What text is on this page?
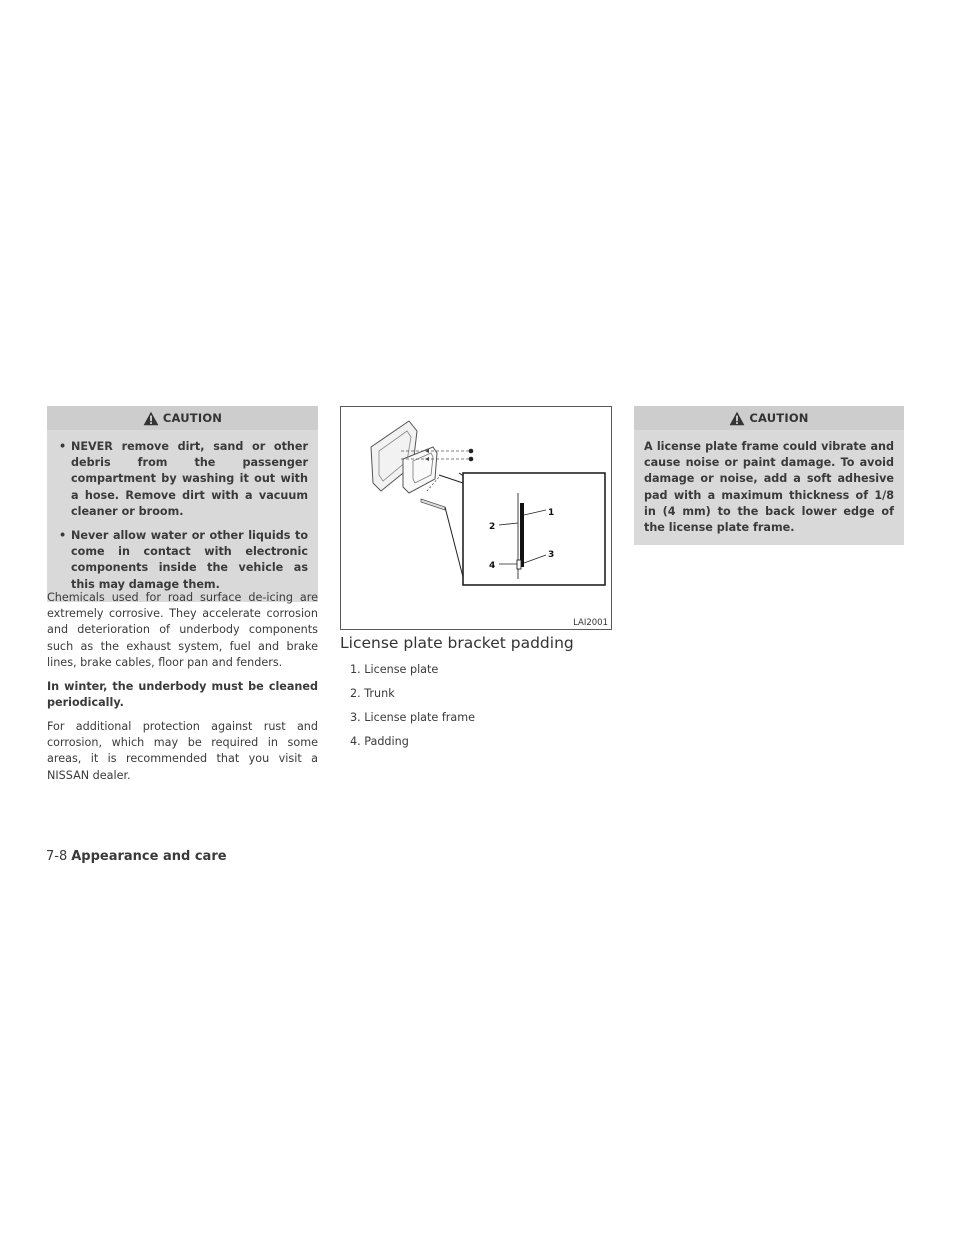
CAUTION
• NEVER remove dirt, sand or other debris from the passenger compartment by washing it out with a hose. Remove dirt with a vacuum cleaner or broom.
• Never allow water or other liquids to come in contact with electronic components inside the vehicle as this may damage them.

Chemicals used for road surface de-icing are extremely corrosive. They accelerate corrosion and deterioration of underbody components such as the exhaust system, fuel and brake lines, brake cables, floor pan and fenders.

In winter, the underbody must be cleaned periodically.

For additional protection against rust and corrosion, which may be required in some areas, it is recommended that you visit a NISSAN dealer.

1
2
3
4
LAI2001
License plate bracket padding
1. License plate
2. Trunk
3. License plate frame
4. Padding
CAUTION

A license plate frame could vibrate and cause noise or paint damage. To avoid damage or noise, add a soft adhesive pad with a maximum thickness of 1/8 in (4 mm) to the back lower edge of the license plate frame.

7-8 Appearance and care
